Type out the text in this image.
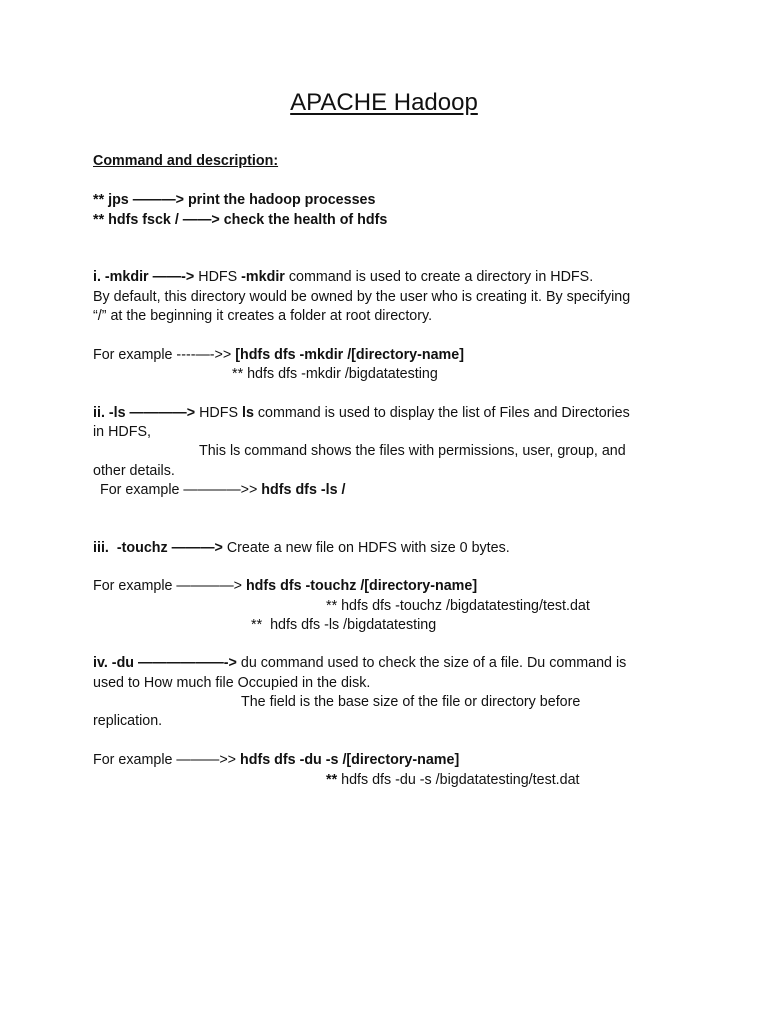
APACHE Hadoop
Command and description:
** jps ———> print the hadoop processes
** hdfs fsck / ——> check the health of hdfs
i. -mkdir ——-> HDFS -mkdir command is used to create a directory in HDFS.
By default, this directory would be owned by the user who is creating it. By specifying
“/” at the beginning it creates a folder at root directory.
For example ----—->> [hdfs dfs -mkdir /[directory-name]
** hdfs dfs -mkdir /bigdatatesting
ii. -ls ————> HDFS ls command is used to display the list of Files and Directories
in HDFS,
This ls command shows the files with permissions, user, group, and
other details.
For example ————>> hdfs dfs -ls /
iii.  -touchz ———> Create a new file on HDFS with size 0 bytes.
For example ————> hdfs dfs -touchz /[directory-name]
** hdfs dfs -touchz /bigdatatesting/test.dat
**  hdfs dfs -ls /bigdatatesting
iv. -du ——————-> du command used to check the size of a file. Du command is
used to How much file Occupied in the disk.
The field is the base size of the file or directory before
replication.
For example ———>> hdfs dfs -du -s /[directory-name]
** hdfs dfs -du -s /bigdatatesting/test.dat
